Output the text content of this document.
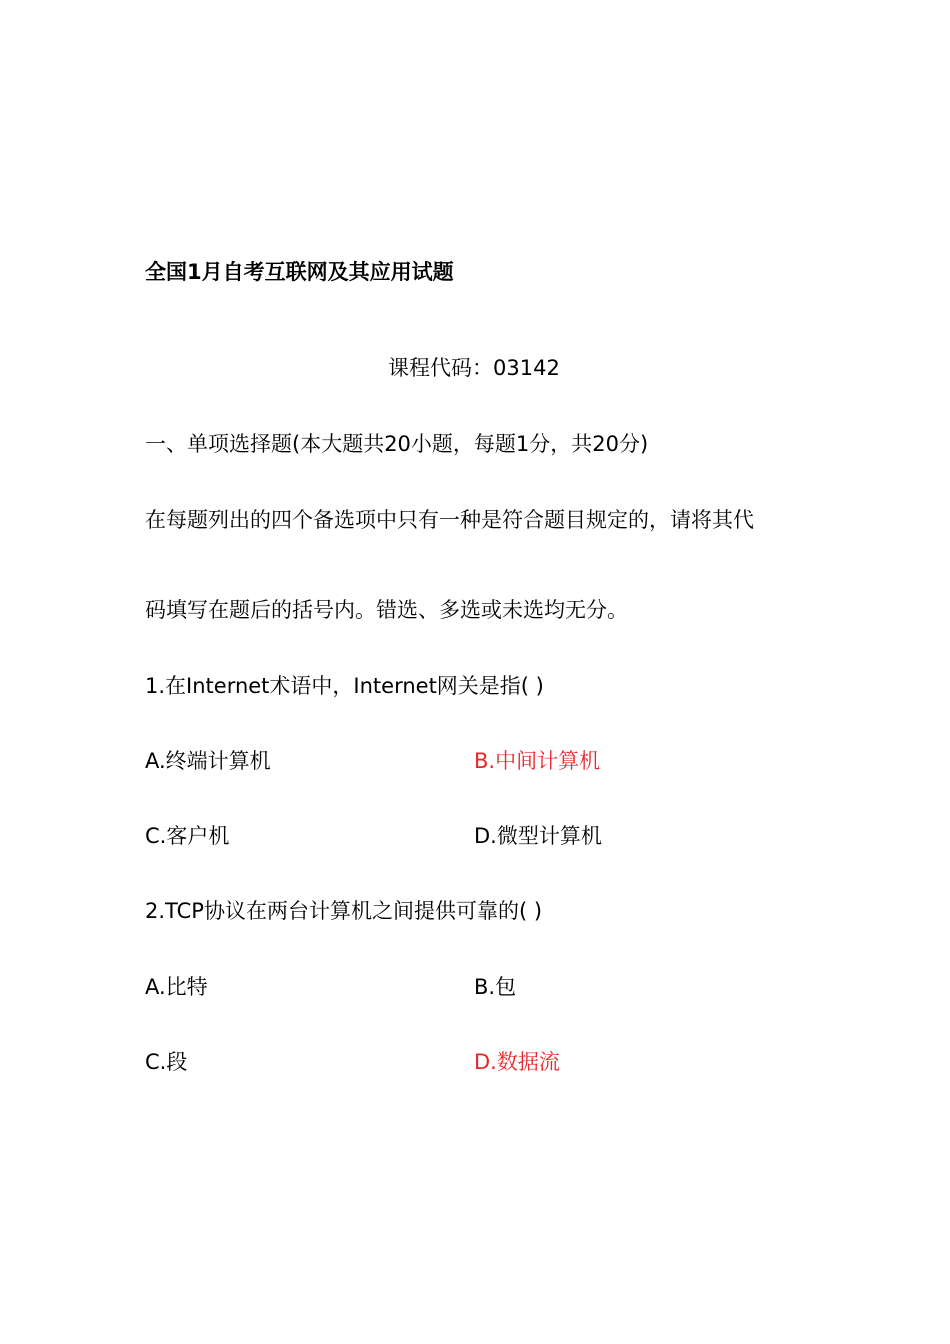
全国1月自考互联网及其应用试题
课程代码：03142
一、单项选择题(本大题共20小题，每题1分，共20分)
在每题列出的四个备选项中只有一种是符合题目规定的，请将其代
码填写在题后的括号内。错选、多选或未选均无分。
1.在Internet术语中，Internet网关是指( )
A.终端计算机	B.中间计算机
C.客户机	D.微型计算机
2.TCP协议在两台计算机之间提供可靠的( )
A.比特	B.包
C.段	D.数据流
